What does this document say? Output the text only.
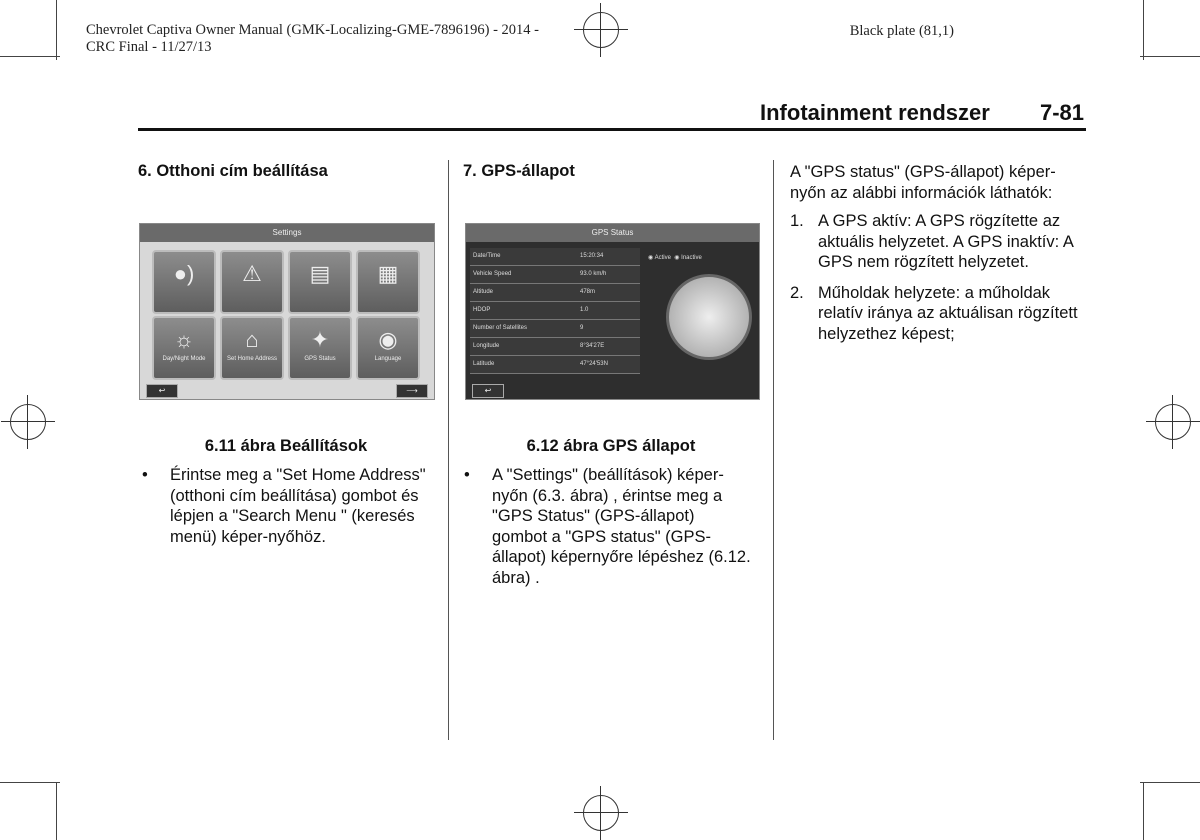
Chevrolet Captiva Owner Manual (GMK-Localizing-GME-7896196) - 2014 -
CRC Final - 11/27/13
Black plate (81,1)
Infotainment rendszer 7-81
6. Otthoni cím beállítása
Settings
●)	⚠	▤	▦
☼
Day/Night Mode
⌂
Set Home Address
✦
GPS Status
◉
Language
↩	⟶
6.11 ábra Beállítások
•	Érintse meg a "Set Home Address" (otthoni cím beállítása) gombot és lépjen a "Search Menu " (keresés menü) képer-nyőhöz.
7. GPS-állapot
GPS Status
Date/Time	15:20:34
Vehicle Speed	93.0 km/h
Altitude	478m
HDOP	1.0
Number of Satellites	9
Longitude	8°34'27E
Latitude	47°24'53N
◉ Active  ◉ Inactive
↩
6.12 ábra GPS állapot
•	A "Settings" (beállítások) képer-nyőn (6.3. ábra) , érintse meg a "GPS Status" (GPS-állapot) gombot a "GPS status" (GPS-állapot) képernyőre lépéshez (6.12. ábra) .
A "GPS status" (GPS-állapot) képer-nyőn az alábbi információk láthatók:
1. A GPS aktív: A GPS rögzítette az aktuális helyzetet. A GPS inaktív: A GPS nem rögzített helyzetet.
2. Műholdak helyzete: a műholdak relatív iránya az aktuálisan rögzített helyzethez képest;
